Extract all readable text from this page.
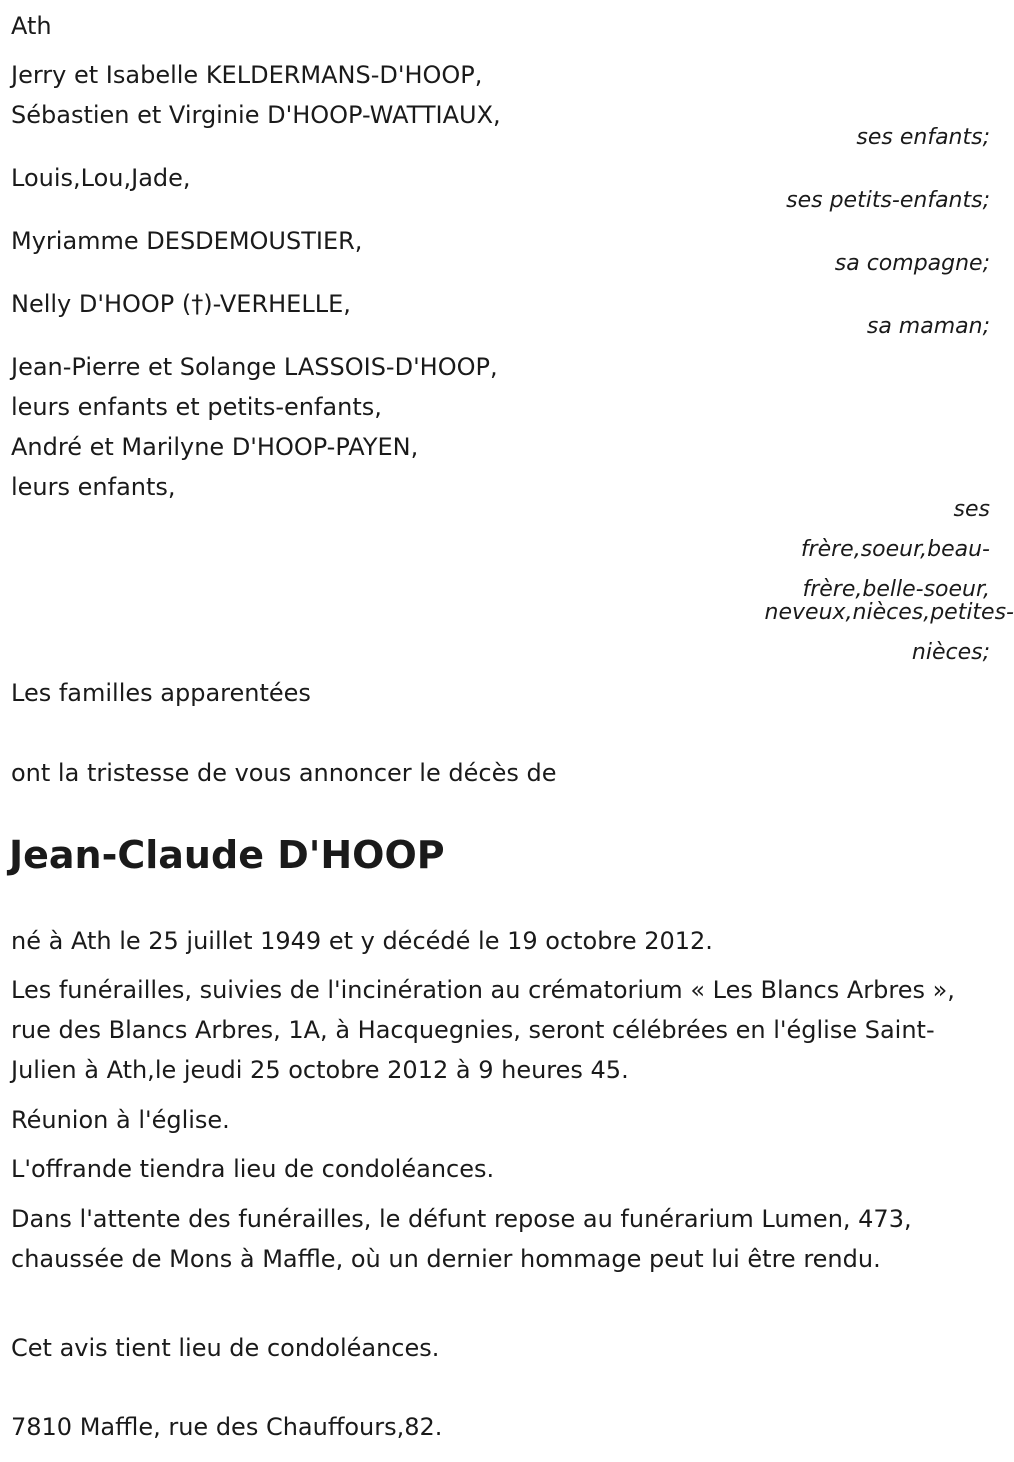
Ath
Jerry et Isabelle KELDERMANS-D'HOOP,
Sébastien et Virginie D'HOOP-WATTIAUX,
ses enfants;
Louis,Lou,Jade,
ses petits-enfants;
Myriamme DESDEMOUSTIER,
sa compagne;
Nelly D'HOOP (†)-VERHELLE,
sa maman;
Jean-Pierre et Solange LASSOIS-D'HOOP,
leurs enfants et petits-enfants,
André et Marilyne D'HOOP-PAYEN,
leurs enfants,
ses
frère,soeur,beau-
frère,belle-soeur,
neveux,nièces,petites-
nièces;
Les familles apparentées
ont la tristesse de vous annoncer le décès de
Jean-Claude D'HOOP
né à Ath le 25 juillet 1949 et y décédé le 19 octobre 2012.
Les funérailles, suivies de l'incinération au crématorium « Les Blancs Arbres », rue des Blancs Arbres, 1A, à Hacquegnies, seront célébrées en l'église Saint-Julien à Ath,le jeudi 25 octobre 2012 à 9 heures 45.
Réunion à l'église.
L'offrande tiendra lieu de condoléances.
Dans l'attente des funérailles, le défunt repose au funérarium Lumen, 473, chaussée de Mons à Maffle, où un dernier hommage peut lui être rendu.
Cet avis tient lieu de condoléances.
7810 Maffle, rue des Chauffours,82.
